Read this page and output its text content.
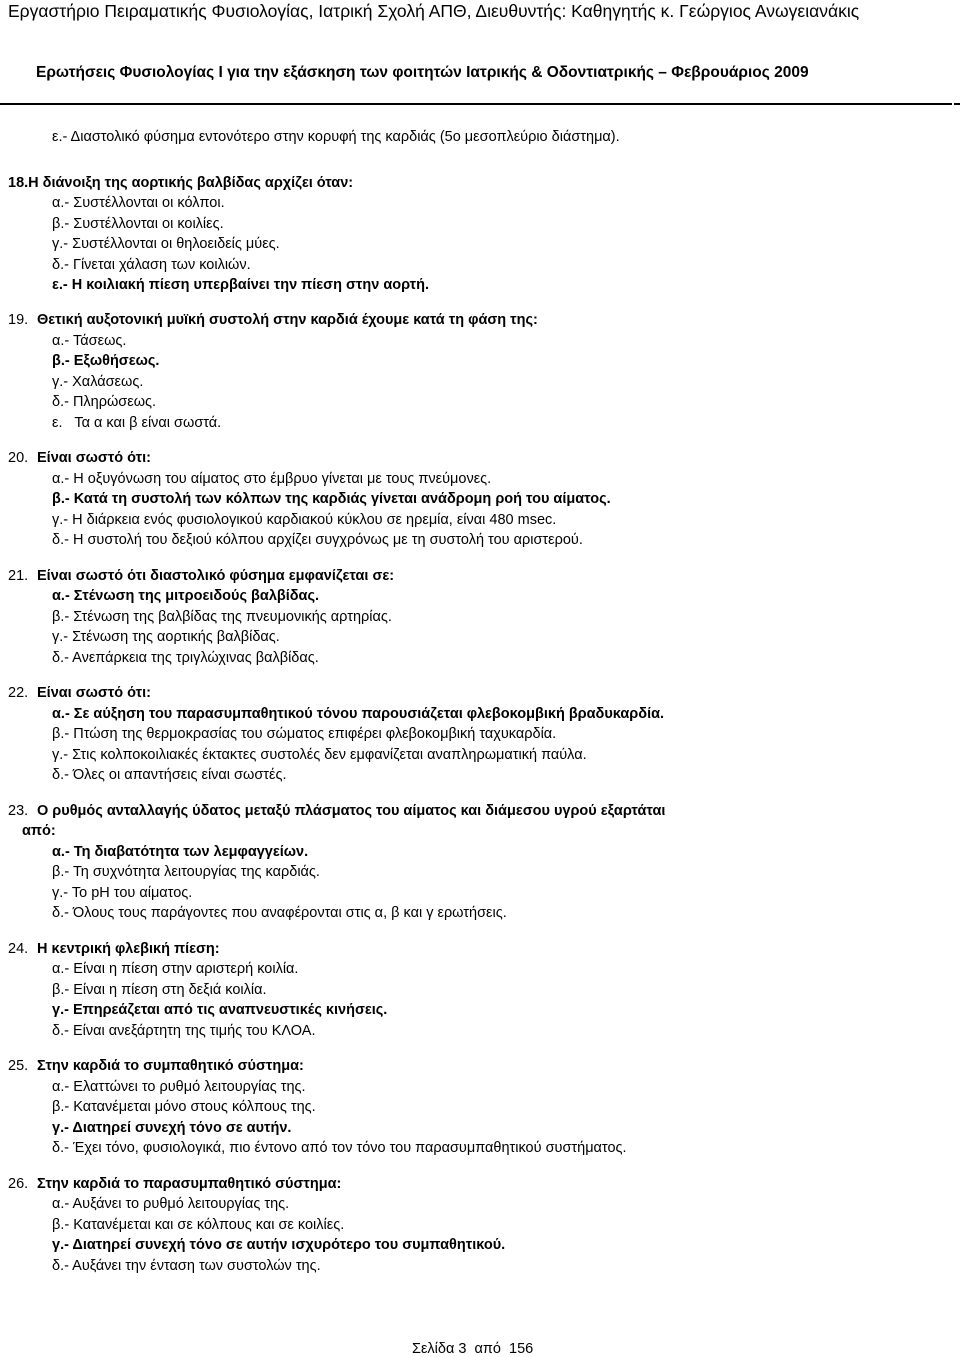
Εργαστήριο Πειραματικής Φυσιολογίας, Ιατρική Σχολή ΑΠΘ, Διευθυντής: Καθηγητής κ. Γεώργιος Ανωγειανάκις
Ερωτήσεις Φυσιολογίας Ι για την εξάσκηση των φοιτητών Ιατρικής & Οδοντιατρικής – Φεβρουάριος 2009
ε.- Διαστολικό φύσημα εντονότερο στην κορυφή της καρδιάς (5ο μεσοπλεύριο διάστημα).
18.Η διάνοιξη της αορτικής βαλβίδας αρχίζει όταν:
α.- Συστέλλονται οι κόλποι.
β.- Συστέλλονται οι κοιλίες.
γ.- Συστέλλονται οι θηλοειδείς μύες.
δ.- Γίνεται χάλαση των κοιλιών.
ε.- Η κοιλιακή πίεση υπερβαίνει την πίεση στην αορτή.
19. Θετική αυξοτονική μυϊκή συστολή στην καρδιά έχουμε κατά τη φάση της:
α.- Τάσεως.
β.- Εξωθήσεως.
γ.- Χαλάσεως.
δ.- Πληρώσεως.
ε.   Τα α και β είναι σωστά.
20. Είναι σωστό ότι:
α.- Η οξυγόνωση του αίματος στο έμβρυο γίνεται με τους πνεύμονες.
β.- Κατά τη συστολή των κόλπων της καρδιάς γίνεται ανάδρομη ροή του αίματος.
γ.- Η διάρκεια ενός φυσιολογικού καρδιακού κύκλου σε ηρεμία, είναι 480 msec.
δ.- Η συστολή του δεξιού κόλπου αρχίζει συγχρόνως με τη συστολή του αριστερού.
21. Είναι σωστό ότι διαστολικό φύσημα εμφανίζεται σε:
α.- Στένωση της μιτροειδούς βαλβίδας.
β.- Στένωση της βαλβίδας της πνευμονικής αρτηρίας.
γ.- Στένωση της αορτικής βαλβίδας.
δ.- Ανεπάρκεια της τριγλώχινας βαλβίδας.
22. Είναι σωστό ότι:
α.- Σε αύξηση του παρασυμπαθητικού τόνου παρουσιάζεται φλεβοκομβική βραδυκαρδία.
β.- Πτώση της θερμοκρασίας του σώματος επιφέρει φλεβοκομβική ταχυκαρδία.
γ.- Στις κολποκοιλιακές έκτακτες συστολές δεν εμφανίζεται αναπληρωματική παύλα.
δ.- Όλες οι απαντήσεις είναι σωστές.
23. Ο ρυθμός ανταλλαγής ύδατος μεταξύ πλάσματος του αίματος και διάμεσου υγρού εξαρτάται
από:
α.- Τη διαβατότητα των λεμφαγγείων.
β.- Τη συχνότητα λειτουργίας της καρδιάς.
γ.- Το pH του αίματος.
δ.- Όλους τους παράγοντες που αναφέρονται στις α, β και γ ερωτήσεις.
24. Η κεντρική φλεβική πίεση:
α.- Είναι η πίεση στην αριστερή κοιλία.
β.- Είναι η πίεση στη δεξιά κοιλία.
γ.- Επηρεάζεται από τις αναπνευστικές κινήσεις.
δ.- Είναι ανεξάρτητη της τιμής του ΚΛΟΑ.
25. Στην καρδιά το συμπαθητικό σύστημα:
α.- Ελαττώνει το ρυθμό λειτουργίας της.
β.- Κατανέμεται μόνο στους κόλπους της.
γ.- Διατηρεί συνεχή τόνο σε αυτήν.
δ.- Έχει τόνο, φυσιολογικά, πιο έντονο από τον τόνο του παρασυμπαθητικού συστήματος.
26. Στην καρδιά το παρασυμπαθητικό σύστημα:
α.- Αυξάνει το ρυθμό λειτουργίας της.
β.- Κατανέμεται και σε κόλπους και σε κοιλίες.
γ.- Διατηρεί συνεχή τόνο σε αυτήν ισχυρότερο του συμπαθητικού.
δ.- Αυξάνει την ένταση των συστολών της.
Σελίδα 3  από  156
